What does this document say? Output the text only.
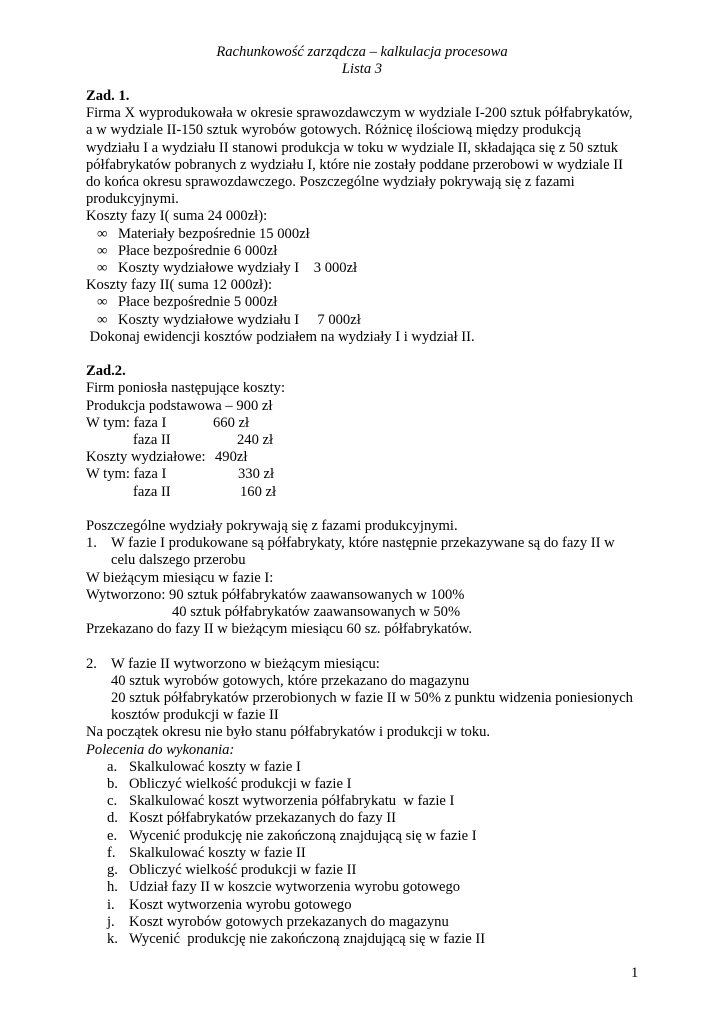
Rachunkowość zarządcza – kalkulacja procesowa
Lista 3
Zad. 1.
Firma X wyprodukowała w okresie sprawozdawczym w wydziale I-200 sztuk półfabrykatów,
a w wydziale II-150 sztuk wyrobów gotowych. Różnicę ilościową między produkcją
wydziału I a wydziału II stanowi produkcja w toku w wydziale II, składająca się z 50 sztuk
półfabrykatów pobranych z wydziału I, które nie zostały poddane przerobowi w wydziale II
do końca okresu sprawozdawczego. Poszczególne wydziały pokrywają się z fazami
produkcyjnymi.
Koszty fazy I( suma 24 000zł):
∞ Materiały bezpośrednie 15 000zł
∞ Płace bezpośrednie 6 000zł
∞ Koszty wydziałowe wydziały I    3 000zł
Koszty fazy II( suma 12 000zł):
∞ Płace bezpośrednie 5 000zł
∞ Koszty wydziałowe wydziału I     7 000zł
Dokonaj ewidencji kosztów podziałem na wydziały I i wydział II.
Zad.2.
Firm poniosła następujące koszty:
Produkcja podstawowa – 900 zł
W tym: faza I	660 zł
faza II	240 zł
Koszty wydziałowe: 490zł
W tym: faza I	330 zł
faza II	160 zł
Poszczególne wydziały pokrywają się z fazami produkcyjnymi.
1. W fazie I produkowane są półfabrykaty, które następnie przekazywane są do fazy II w
celu dalszego przerobu
W bieżącym miesiącu w fazie I:
Wytworzono: 90 sztuk półfabrykatów zaawansowanych w 100%
40 sztuk półfabrykatów zaawansowanych w 50%
Przekazano do fazy II w bieżącym miesiącu 60 sz. półfabrykatów.
2. W fazie II wytworzono w bieżącym miesiącu:
40 sztuk wyrobów gotowych, które przekazano do magazynu
20 sztuk półfabrykatów przerobionych w fazie II w 50% z punktu widzenia poniesionych
kosztów produkcji w fazie II
Na początek okresu nie było stanu półfabrykatów i produkcji w toku.
Polecenia do wykonania:
a. Skalkulować koszty w fazie I
b. Obliczyć wielkość produkcji w fazie I
c. Skalkulować koszt wytworzenia półfabrykatu  w fazie I
d. Koszt półfabrykatów przekazanych do fazy II
e. Wycenić produkcję nie zakończoną znajdującą się w fazie I
f. Skalkulować koszty w fazie II
g. Obliczyć wielkość produkcji w fazie II
h. Udział fazy II w koszcie wytworzenia wyrobu gotowego
i. Koszt wytworzenia wyrobu gotowego
j. Koszt wyrobów gotowych przekazanych do magazynu
k. Wycenić  produkcję nie zakończoną znajdującą się w fazie II
1
